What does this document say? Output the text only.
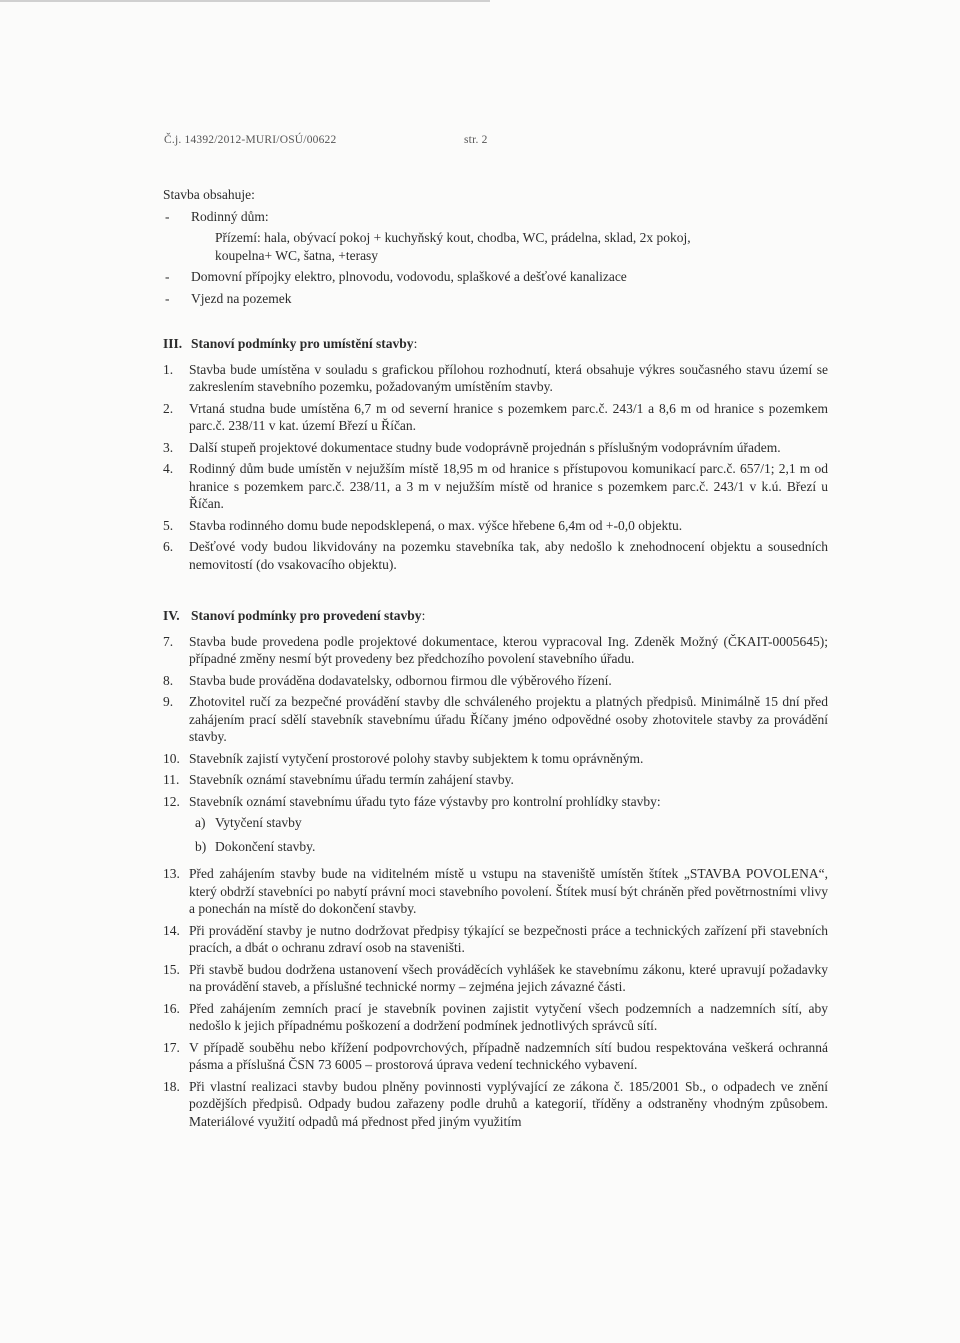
Č.j. 14392/2012-MURI/OSÚ/00622	str. 2
Stavba obsahuje:
- Rodinný dům:
Přízemí: hala, obývací pokoj + kuchyňský kout, chodba, WC, prádelna, sklad, 2x pokoj,
koupelna+ WC, šatna, +terasy
- Domovní přípojky elektro, plnovodu, vodovodu, splaškové a dešťové kanalizace
- Vjezd na pozemek
III. Stanoví podmínky pro umístění stavby:
1.	Stavba bude umístěna v souladu s grafickou přílohou rozhodnutí, která obsahuje výkres současného stavu území se zakreslením stavebního pozemku, požadovaným umístěním stavby.
2.	Vrtaná studna bude umístěna 6,7 m od severní hranice s pozemkem parc.č. 243/1 a 8,6 m od hranice s pozemkem parc.č. 238/11 v kat. území Březí u Říčan.
3.	Další stupeň projektové dokumentace studny bude vodoprávně projednán s příslušným vodoprávním úřadem.
4.	Rodinný dům bude umístěn v nejužším místě 18,95 m od hranice s přístupovou komunikací parc.č. 657/1; 2,1 m od hranice s pozemkem parc.č. 238/11, a 3 m v nejužším místě od hranice s pozemkem parc.č. 243/1 v k.ú. Březí u Říčan.
5.	Stavba rodinného domu bude nepodsklepená, o max. výšce hřebene 6,4m od +-0,0 objektu.
6.	Dešťové vody budou likvidovány na pozemku stavebníka tak, aby nedošlo k znehodnocení objektu a sousedních nemovitostí (do vsakovacího objektu).
IV. Stanoví podmínky pro provedení stavby:
7.	Stavba bude provedena podle projektové dokumentace, kterou vypracoval Ing. Zdeněk Možný (ČKAIT-0005645); případné změny nesmí být provedeny bez předchozího povolení stavebního úřadu.
8.	Stavba bude prováděna dodavatelsky, odbornou firmou dle výběrového řízení.
9.	Zhotovitel ručí za bezpečné provádění stavby dle schváleného projektu a platných předpisů. Minimálně 15 dní před zahájením prací sdělí stavebník stavebnímu úřadu Říčany jméno odpovědné osoby zhotovitele stavby za provádění stavby.
10. Stavebník zajistí vytyčení prostorové polohy stavby subjektem k tomu oprávněným.
11. Stavebník oznámí stavebnímu úřadu termín zahájení stavby.
12. Stavebník oznámí stavebnímu úřadu tyto fáze výstavby pro kontrolní prohlídky stavby:
a) Vytyčení stavby
b) Dokončení stavby.
13. Před zahájením stavby bude na viditelném místě u vstupu na staveniště umístěn štítek „STAVBA POVOLENA“, který obdrží stavebníci po nabytí právní moci stavebního povolení. Štítek musí být chráněn před povětrnostními vlivy a ponechán na místě do dokončení stavby.
14. Při provádění stavby je nutno dodržovat předpisy týkající se bezpečnosti práce a technických zařízení při stavebních pracích, a dbát o ochranu zdraví osob na staveništi.
15. Při stavbě budou dodržena ustanovení všech prováděcích vyhlášek ke stavebnímu zákonu, které upravují požadavky na provádění staveb, a příslušné technické normy – zejména jejich závazné části.
16. Před zahájením zemních prací je stavebník povinen zajistit vytyčení všech podzemních a nadzemních sítí, aby nedošlo k jejich případnému poškození a dodržení podmínek jednotlivých správců sítí.
17. V případě souběhu nebo křížení podpovrchových, případně nadzemních sítí budou respektována veškerá ochranná pásma a příslušná ČSN 73 6005 – prostorová úprava vedení technického vybavení.
18. Při vlastní realizaci stavby budou plněny povinnosti vyplývající ze zákona č. 185/2001 Sb., o odpadech ve znění pozdějších předpisů. Odpady budou zařazeny podle druhů a kategorií, tříděny a odstraněny vhodným způsobem. Materiálové využití odpadů má přednost před jiným využitím
